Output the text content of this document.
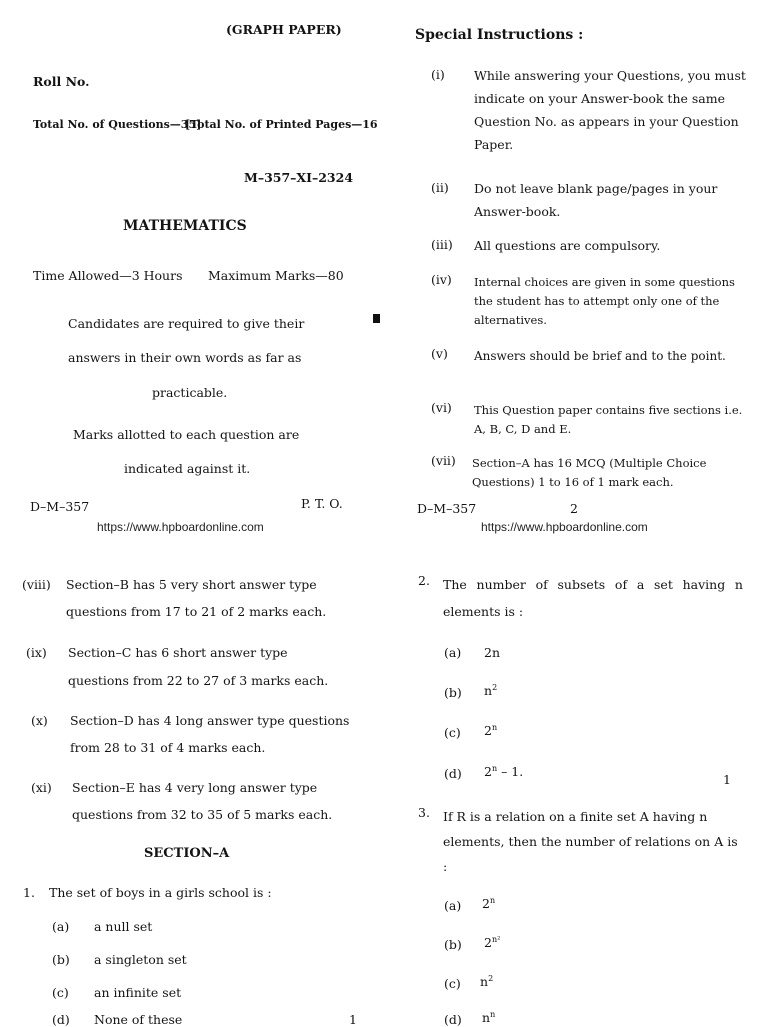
(GRAPH PAPER)
Roll No.
Total No. of Questions—35]
[Total No. of Printed Pages—16
M–357–XI–2324
MATHEMATICS
Time Allowed—3 Hours Maximum Marks—80
Candidates are required to give their
answers in their own words as far as
practicable.
Marks allotted to each question are
indicated against it.
D–M–357	P. T. O.
https://www.hpboardonline.com
Special Instructions :
(i) While answering your Questions, you must indicate on your Answer-book the same Question No. as appears in your Question Paper.
(ii) Do not leave blank page/pages in your Answer-book.
(iii) All questions are compulsory.
(iv) Internal choices are given in some questions the student has to attempt only one of the alternatives.
(v) Answers should be brief and to the point.
(vi) This Question paper contains five sections i.e. A, B, C, D and E.
(vii) Section–A has 16 MCQ (Multiple Choice Questions) 1 to 16 of 1 mark each.
D–M–357	2
https://www.hpboardonline.com
(viii) Section–B has 5 very short answer type
questions from 17 to 21 of 2 marks each.
(ix) Section–C has 6 short answer type
questions from 22 to 27 of 3 marks each.
(x) Section–D has 4 long answer type questions
from 28 to 31 of 4 marks each.
(xi) Section–E has 4 very long answer type
questions from 32 to 35 of 5 marks each.
SECTION–A
1. The set of boys in a girls school is :
(a) a null set
(b) a singleton set
(c) an infinite set
(d) None of these	1
2. The number of subsets of a set having n elements is :
(a) 2n
(b) $n^2$
(c) 2$^n$
(d) 2$^n$ – 1.
1
3. If R is a relation on a finite set A having n elements, then the number of relations on A is :
(a) 2$^n$
(b) $2^{n^2}$
(c) $n^2$
(d) $n^n$
